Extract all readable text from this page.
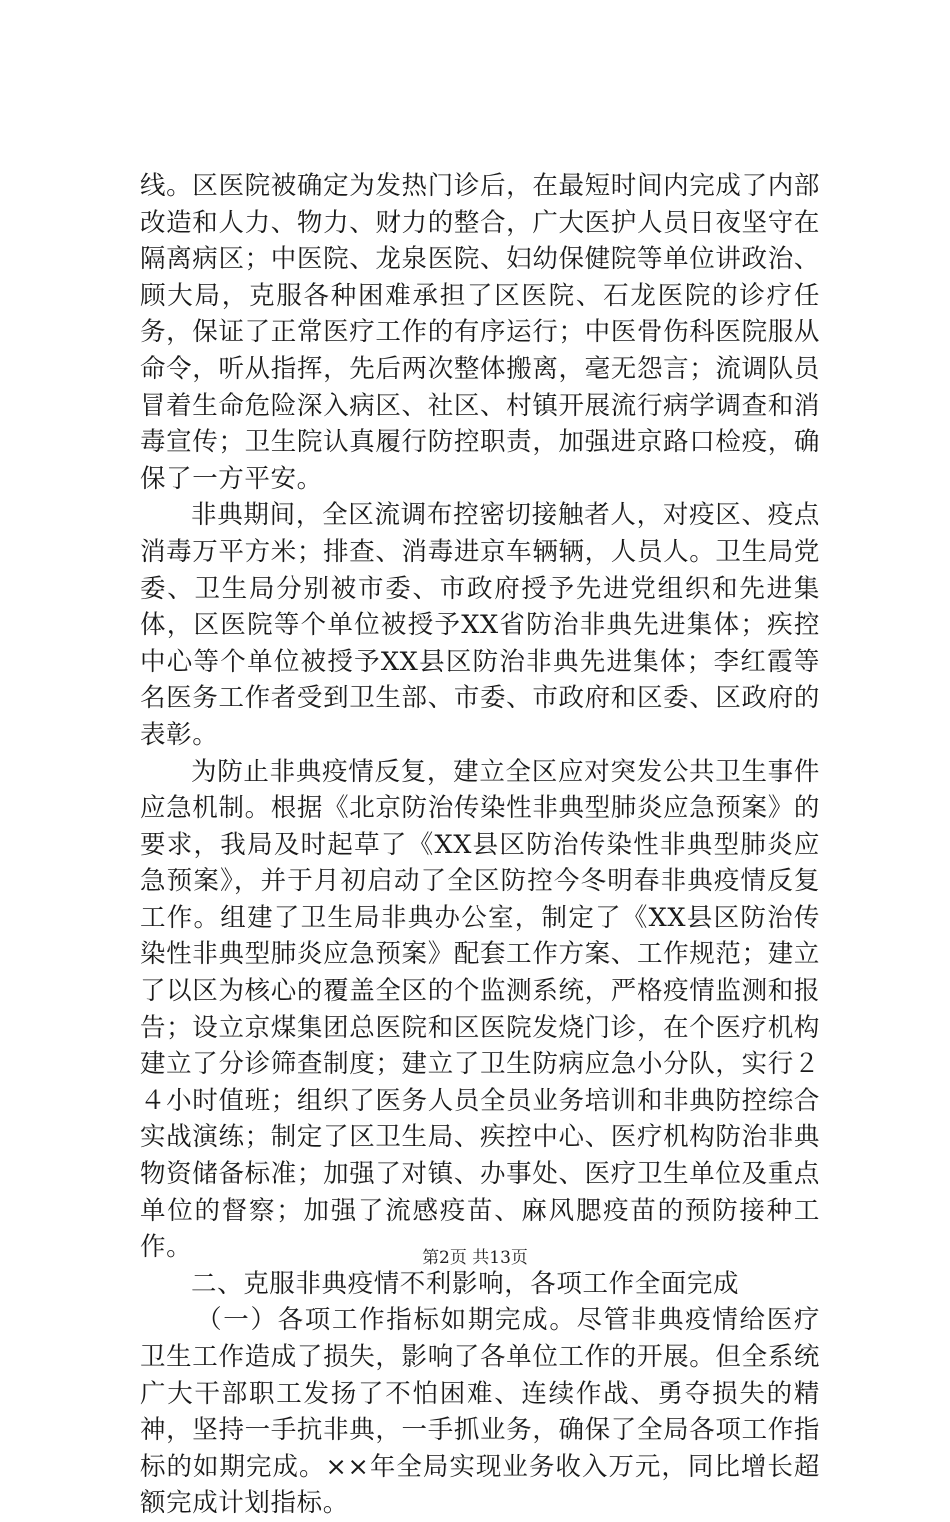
线。区医院被确定为发热门诊后，在最短时间内完成了内部改造和人力、物力、财力的整合，广大医护人员日夜坚守在隔离病区；中医院、龙泉医院、妇幼保健院等单位讲政治、顾大局，克服各种困难承担了区医院、石龙医院的诊疗任务，保证了正常医疗工作的有序运行；中医骨伤科医院服从命令，听从指挥，先后两次整体搬离，毫无怨言；流调队员冒着生命危险深入病区、社区、村镇开展流行病学调查和消毒宣传；卫生院认真履行防控职责，加强进京路口检疫，确保了一方平安。

非典期间，全区流调布控密切接触者人，对疫区、疫点消毒万平方米；排查、消毒进京车辆辆，人员人。卫生局党委、卫生局分别被市委、市政府授予先进党组织和先进集体，区医院等个单位被授予XX省防治非典先进集体；疾控中心等个单位被授予XX县区防治非典先进集体；李红霞等名医务工作者受到卫生部、市委、市政府和区委、区政府的表彰。

为防止非典疫情反复，建立全区应对突发公共卫生事件应急机制。根据《北京防治传染性非典型肺炎应急预案》的要求，我局及时起草了《XX县区防治传染性非典型肺炎应急预案》，并于月初启动了全区防控今冬明春非典疫情反复工作。组建了卫生局非典办公室，制定了《XX县区防治传染性非典型肺炎应急预案》配套工作方案、工作规范；建立了以区为核心的覆盖全区的个监测系统，严格疫情监测和报告；设立京煤集团总医院和区医院发烧门诊，在个医疗机构建立了分诊筛查制度；建立了卫生防病应急小分队，实行２４小时值班；组织了医务人员全员业务培训和非典防控综合实战演练；制定了区卫生局、疾控中心、医疗机构防治非典物资储备标准；加强了对镇、办事处、医疗卫生单位及重点单位的督察；加强了流感疫苗、麻风腮疫苗的预防接种工作。

二、克服非典疫情不利影响，各项工作全面完成

（一）各项工作指标如期完成。尽管非典疫情给医疗卫生工作造成了损失，影响了各单位工作的开展。但全系统广大干部职工发扬了不怕困难、连续作战、勇夺损失的精神，坚持一手抗非典，一手抓业务，确保了全局各项工作指标的如期完成。××年全局实现业务收入万元，同比增长超额完成计划指标。

第2页 共13页
